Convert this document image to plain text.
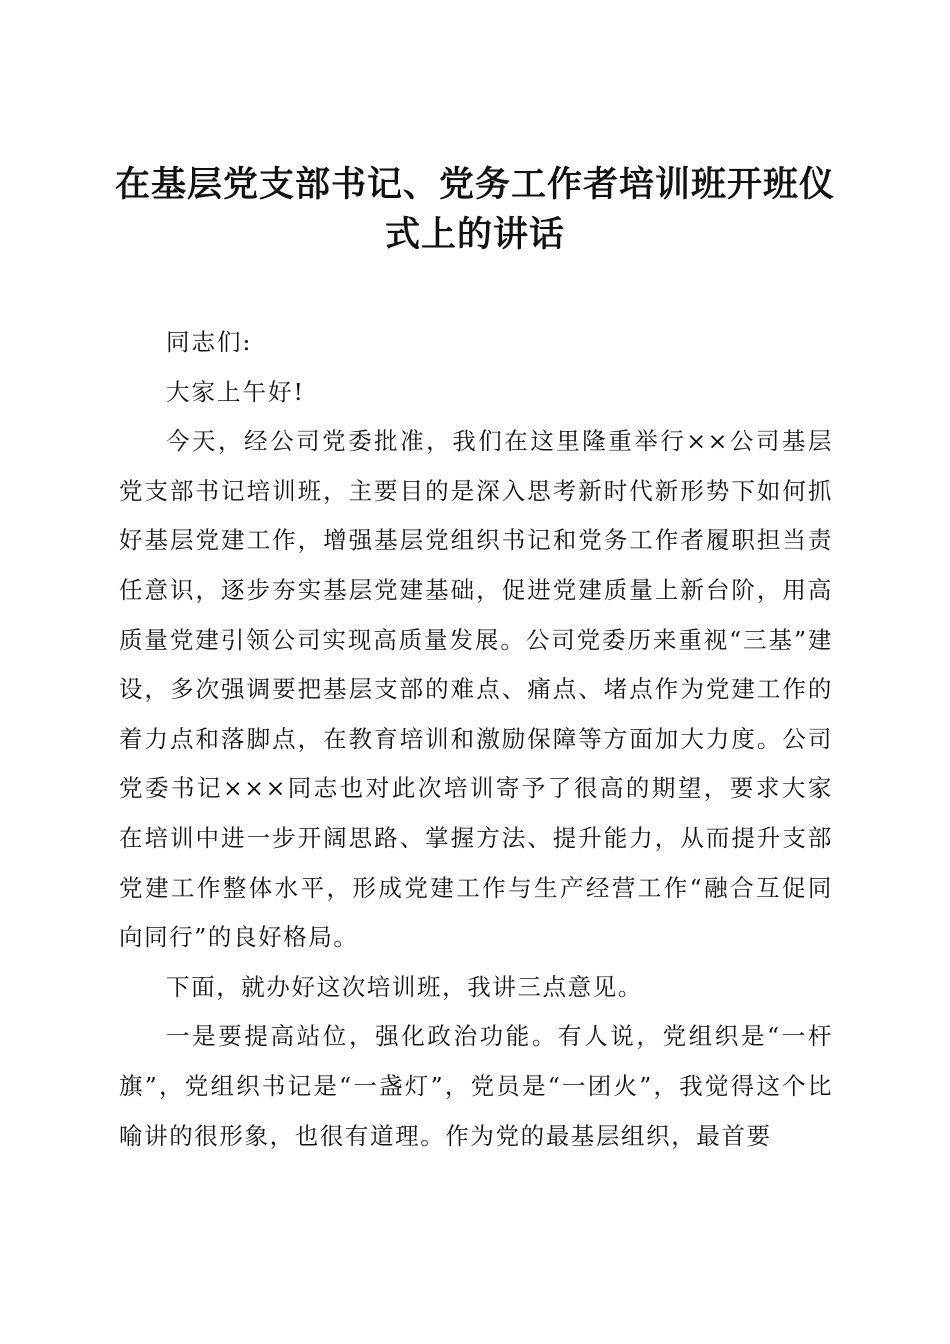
在基层党支部书记、党务工作者培训班开班仪式上的讲话

同志们:

大家上午好!

今天，经公司党委批准，我们在这里隆重举行××公司基层党支部书记培训班，主要目的是深入思考新时代新形势下如何抓好基层党建工作，增强基层党组织书记和党务工作者履职担当责任意识，逐步夯实基层党建基础，促进党建质量上新台阶，用高质量党建引领公司实现高质量发展。公司党委历来重视“三基”建设，多次强调要把基层支部的难点、痛点、堵点作为党建工作的着力点和落脚点，在教育培训和激励保障等方面加大力度。公司党委书记×××同志也对此次培训寄予了很高的期望，要求大家在培训中进一步开阔思路、掌握方法、提升能力，从而提升支部党建工作整体水平，形成党建工作与生产经营工作“融合互促同向同行”的良好格局。

下面，就办好这次培训班，我讲三点意见。

一是要提高站位，强化政治功能。有人说，党组织是“一杆旗”，党组织书记是“一盏灯”，党员是“一团火”，我觉得这个比喻讲的很形象，也很有道理。作为党的最基层组织，最首要
